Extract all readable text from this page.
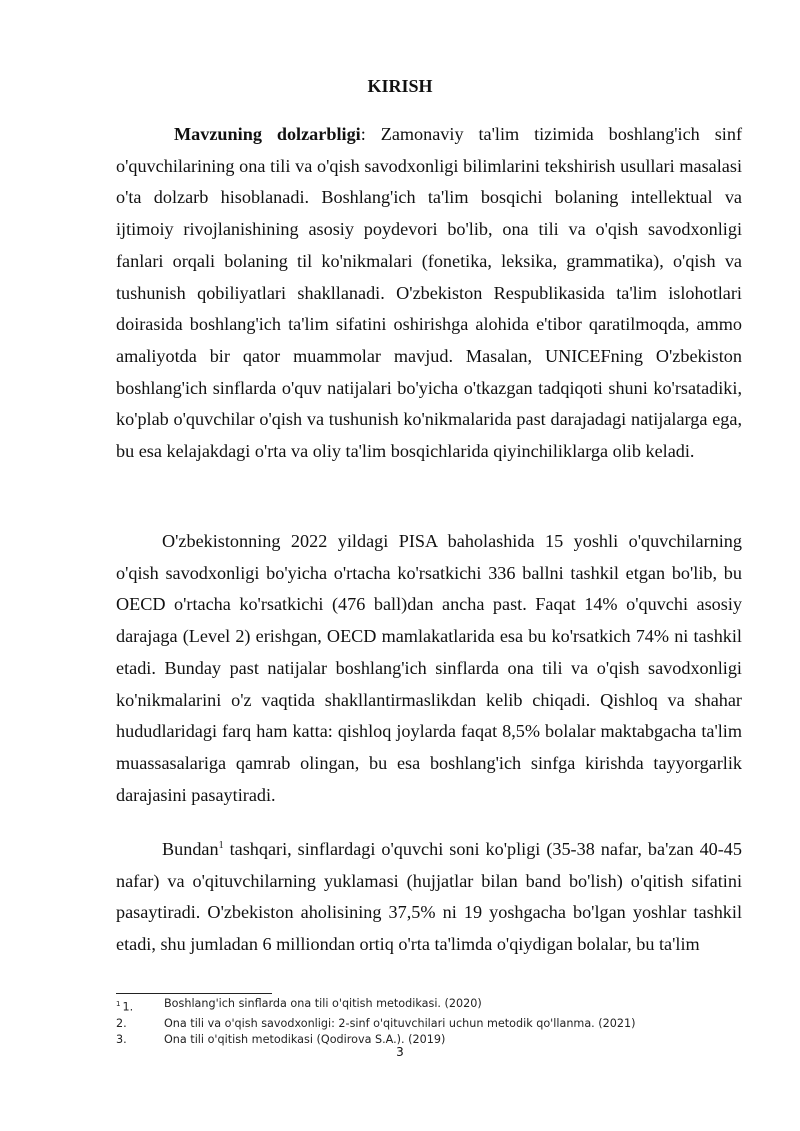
KIRISH

Mavzuning dolzarbligi: Zamonaviy ta'lim tizimida boshlang'ich sinf o'quvchilarining ona tili va o'qish savodxonligi bilimlarini tekshirish usullari masalasi o'ta dolzarb hisoblanadi. Boshlang'ich ta'lim bosqichi bolaning intellektual va ijtimoiy rivojlanishining asosiy poydevori bo'lib, ona tili va o'qish savodxonligi fanlari orqali bolaning til ko'nikmalari (fonetika, leksika, grammatika), o'qish va tushunish qobiliyatlari shakllanadi. O'zbekiston Respublikasida ta'lim islohotlari doirasida boshlang'ich ta'lim sifatini oshirishga alohida e'tibor qaratilmoqda, ammo amaliyotda bir qator muammolar mavjud. Masalan, UNICEFning O'zbekiston boshlang'ich sinflarda o'quv natijalari bo'yicha o'tkazgan tadqiqoti shuni ko'rsatadiki, ko'plab o'quvchilar o'qish va tushunish ko'nikmalarida past darajadagi natijalarga ega, bu esa kelajakdagi o'rta va oliy ta'lim bosqichlarida qiyinchiliklarga olib keladi.

O'zbekistonning 2022 yildagi PISA baholashida 15 yoshli o'quvchilarning o'qish savodxonligi bo'yicha o'rtacha ko'rsatkichi 336 ballni tashkil etgan bo'lib, bu OECD o'rtacha ko'rsatkichi (476 ball)dan ancha past. Faqat 14% o'quvchi asosiy darajaga (Level 2) erishgan, OECD mamlakatlarida esa bu ko'rsatkich 74% ni tashkil etadi. Bunday past natijalar boshlang'ich sinflarda ona tili va o'qish savodxonligi ko'nikmalarini o'z vaqtida shakllantirmaslikdan kelib chiqadi. Qishloq va shahar hududlaridagi farq ham katta: qishloq joylarda faqat 8,5% bolalar maktabgacha ta'lim muassasalariga qamrab olingan, bu esa boshlang'ich sinfga kirishda tayyorgarlik darajasini pasaytiradi.

Bundan$^1$ tashqari, sinflardagi o'quvchi soni ko'pligi (35-38 nafar, ba'zan 40-45 nafar) va o'qituvchilarning yuklamasi (hujjatlar bilan band bo'lish) o'qitish sifatini pasaytiradi. O'zbekiston aholisining 37,5% ni 19 yoshgacha bo'lgan yoshlar tashkil etadi, shu jumladan 6 milliondan ortiq o'rta ta'limda o'qiydigan bolalar, bu ta'lim

$^1$ 1.	Boshlang'ich sinflarda ona tili o'qitish metodikasi. (2020)
2.	Ona tili va o'qish savodxonligi: 2-sinf o'qituvchilari uchun metodik qo'llanma. (2021)
3.	Ona tili o'qitish metodikasi (Qodirova S.A.). (2019)
3
